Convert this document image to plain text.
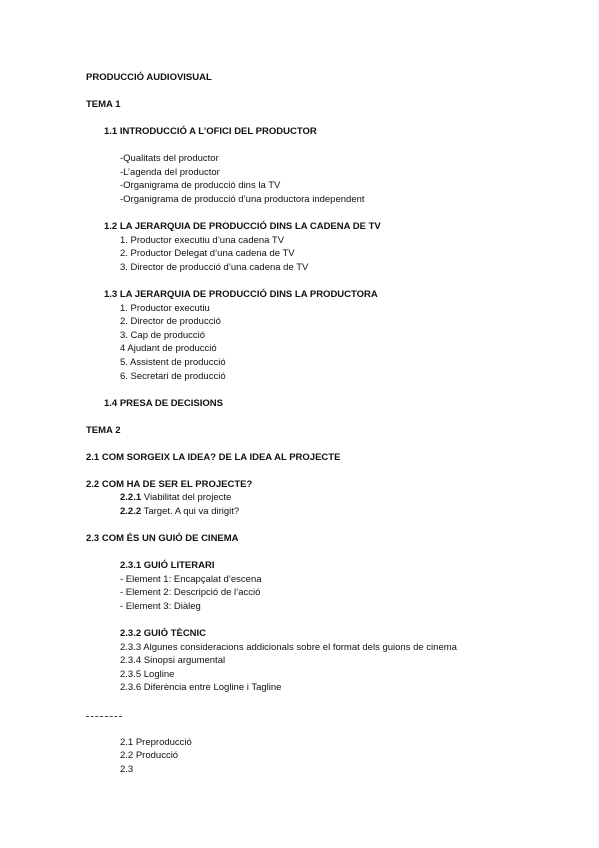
PRODUCCIÓ AUDIOVISUAL
TEMA 1
1.1 INTRODUCCIÓ A L’OFICI DEL PRODUCTOR
-Qualitats del productor
-L’agenda del productor
-Organigrama de producció dins la TV
-Organigrama de producció d’una productora independent
1.2 LA JERARQUIA DE PRODUCCIÓ DINS LA CADENA DE TV
1. Productor executiu d’una cadena TV
2. Productor Delegat d’una cadena de TV
3. Director de producció d’una cadena de TV
1.3 LA JERARQUIA DE PRODUCCIÓ DINS LA PRODUCTORA
1. Productor executiu
2. Director de producció
3. Cap de producció
4 Ajudant de producció
5. Assistent de producció
6. Secretari de producció
1.4 PRESA DE DECISIONS
TEMA 2
2.1 COM SORGEIX LA IDEA? DE LA IDEA AL PROJECTE
2.2 COM HA DE SER EL PROJECTE?
2.2.1 Viabilitat del projecte
2.2.2 Target. A qui va dirigit?
2.3 COM ÉS UN GUIÓ DE CINEMA
2.3.1 GUIÓ LITERARI
- Element 1: Encapçalat d’escena
- Element 2: Descripció de l’acció
- Element 3: Diàleg
2.3.2 GUIÓ TÈCNIC
2.3.3 Algunes consideracions addicionals sobre el format dels guions de cinema
2.3.4 Sinopsi argumental
2.3.5 Logline
2.3.6 Diferència entre Logline i Tagline
2.1 Preproducció
2.2 Producció
2.3
